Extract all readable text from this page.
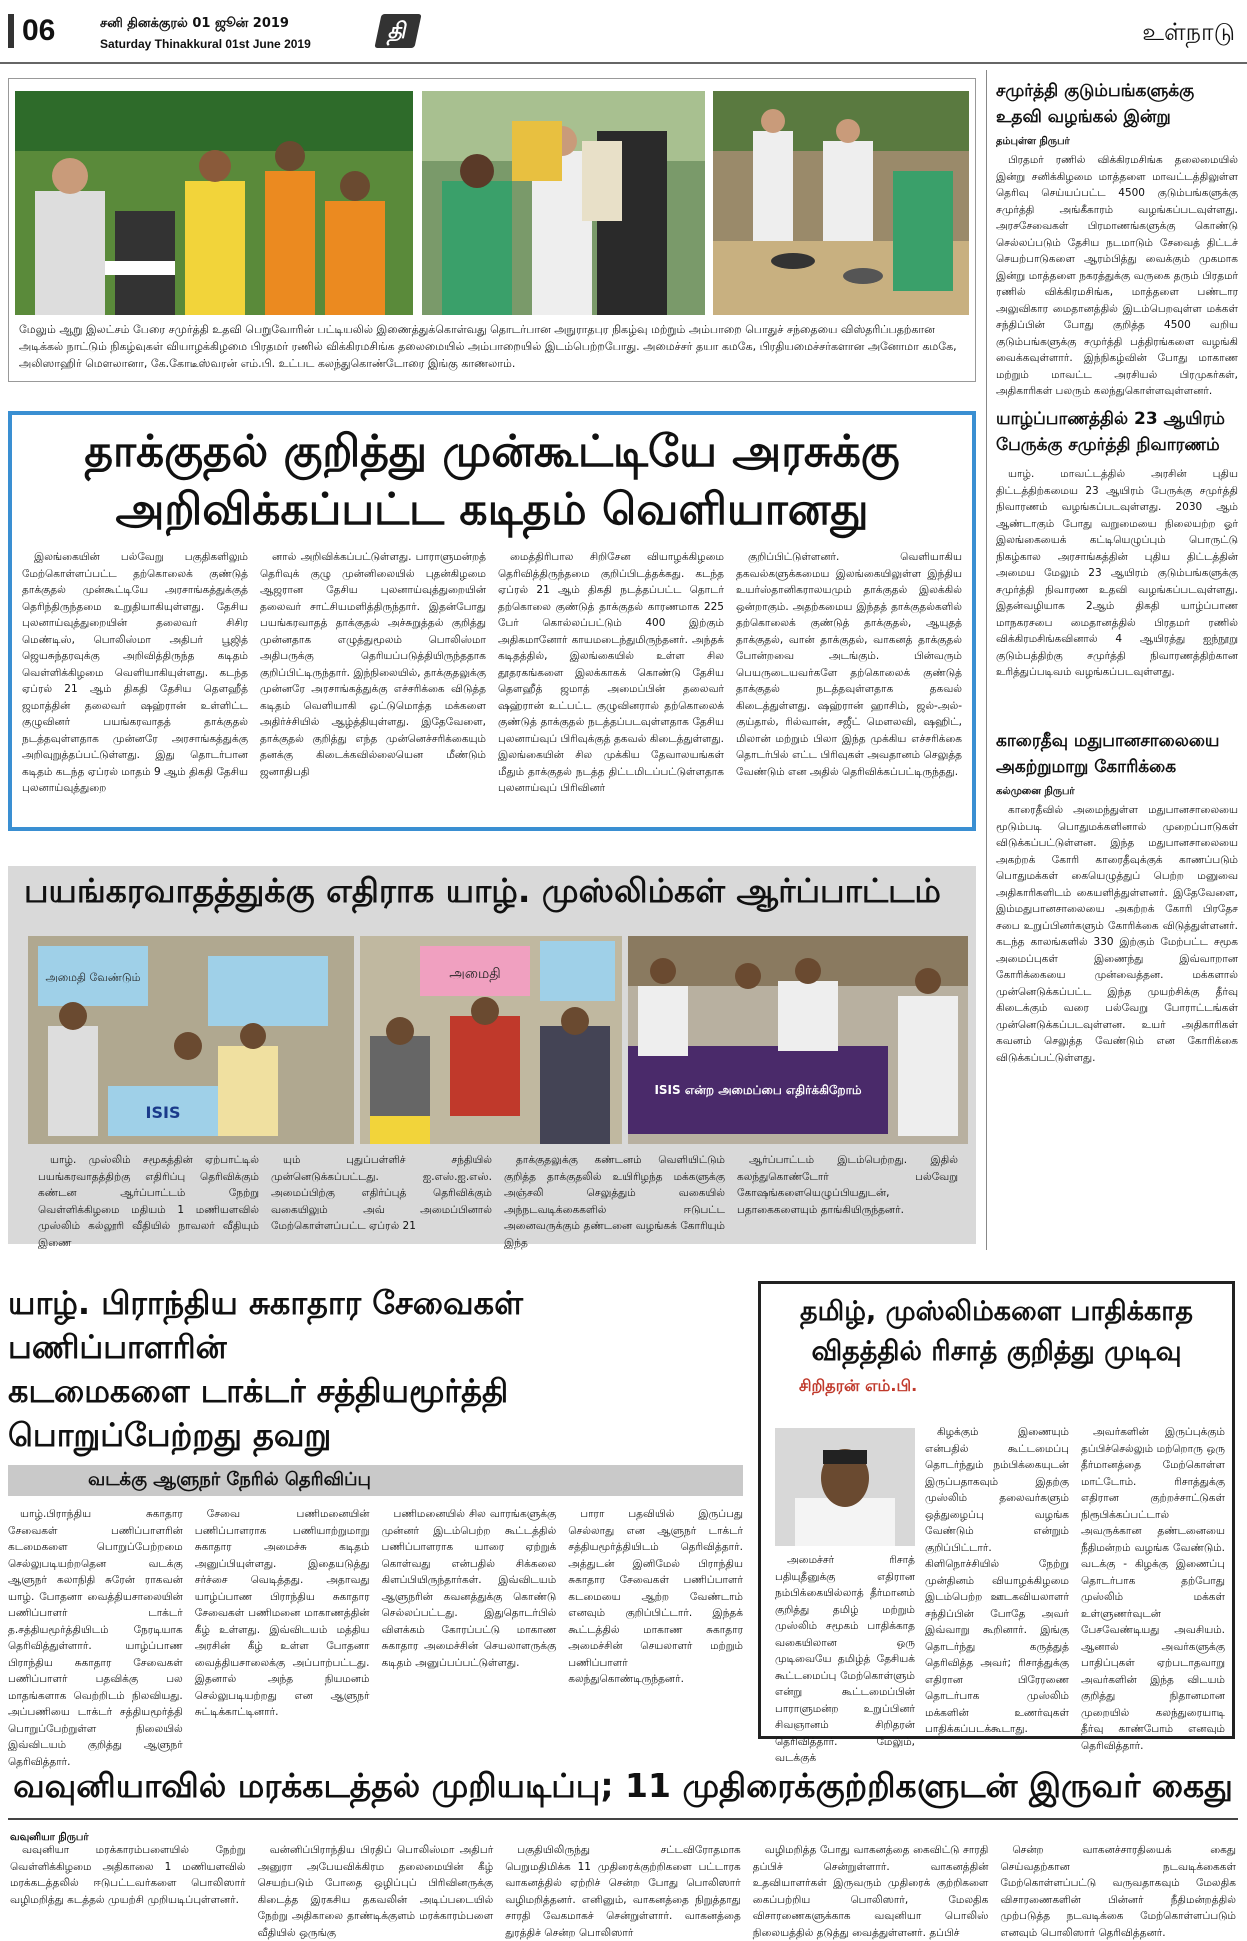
06	சனி தினக்குரல் 01 ஜூன் 2019
Saturday Thinakkural 01st June 2019	தி	உள்நாடு
மேலும் ஆறு இலட்சம் பேரை சமுர்த்தி உதவி பெறுவோரின் பட்டியலில் இணைத்துக்கொள்வது தொடர்பான அநுராதபுர நிகழ்வு மற்றும் அம்பாறை பொதுச் சந்தையை விஸ்தரிப்பதற்கான அடிக்கல் நாட்டும் நிகழ்வுகள் வியாழக்கிழமை பிரதமர் ரணில் விக்கிரமசிங்க தலைமையில் அம்பாறையில் இடம்பெற்றபோது. அமைச்சர் தயா கமகே, பிரதியமைச்சர்களான அனோமா கமகே, அலிஸாஹிர் மௌலானா, கே.கோடீஸ்வரன் எம்.பி. உட்பட கலந்துகொண்டோரை இங்கு காணலாம்.
தாக்குதல் குறித்து முன்கூட்டியே அரசுக்கு
அறிவிக்கப்பட்ட கடிதம் வெளியானது

இலங்கையின் பல்வேறு பகுதிகளிலும் மேற்கொள்ளப்பட்ட தற்கொலைக் குண்டுத் தாக்குதல் முன்கூட்டியே அரசாங்கத்துக்குத் தெரிந்திருந்தமை உறுதியாகியுள்ளது. தேசிய புலனாய்வுத்துறையின் தலைவர் சிசிர மெண்டிஸ், பொலிஸ்மா அதிபர் பூஜித் ஜெயசுந்தரவுக்கு அறிவித்திருந்த கடிதம் வெள்ளிக்கிழமை வெளியாகியுள்ளது. கடந்த ஏப்ரல் 21 ஆம் திகதி தேசிய தௌஹீத் ஜமாத்தின் தலைவர் ஷஹ்ரான் உள்ளிட்ட குழுவினர் பயங்கரவாதத் தாக்குதல் நடத்தவுள்ளதாக முன்னரே அரசாங்கத்துக்கு அறிவுறுத்தப்பட்டுள்ளது. இது தொடர்பான கடிதம் கடந்த ஏப்ரல் மாதம் 9 ஆம் திகதி தேசிய புலனாய்வுத்துறை

னால் அறிவிக்கப்பட்டுள்ளது. பாராளுமன்றத் தெரிவுக் குழு முன்னிலையில் புதன்கிழமை ஆஜரான தேசிய புலனாய்வுத்துறையின் தலைவர் சாட்சியமளித்திருந்தார். இதன்போது பயங்கரவாதத் தாக்குதல் அச்சுறுத்தல் குறித்து முன்னதாக எழுத்துமூலம் பொலிஸ்மா அதிபருக்கு தெரியப்படுத்தியிருந்ததாக குறிப்பிட்டிருந்தார். இந்நிலையில், தாக்குதலுக்கு முன்னரே அரசாங்கத்துக்கு எச்சரிக்கை விடுத்த கடிதம் வெளியாகி ஒட்டுமொத்த மக்களை அதிர்ச்சியில் ஆழ்த்தியுள்ளது. இதேவேளை, தாக்குதல் குறித்து எந்த முன்னெச்சரிக்கையும் தனக்கு கிடைக்கவில்லையென மீண்டும் ஜனாதிபதி

மைத்திரிபால சிறிசேன வியாழக்கிழமை தெரிவித்திருந்தமை குறிப்பிடத்தக்கது. கடந்த ஏப்ரல் 21 ஆம் திகதி நடத்தப்பட்ட தொடர் தற்கொலை குண்டுத் தாக்குதல் காரணமாக 225 பேர் கொல்லப்பட்டும் 400 இற்கும் அதிகமானோர் காயமடைந்துமிருந்தனர். அந்தக் கடிதத்தில், இலங்கையில் உள்ள சில தூதரகங்களை இலக்காகக் கொண்டு தேசிய தௌஹீத் ஜமாத் அமைப்பின் தலைவர் ஷஹ்ரான் உட்பட்ட குழுவினரால் தற்கொலைக் குண்டுத் தாக்குதல் நடத்தப்படவுள்ளதாக தேசிய புலனாய்வுப் பிரிவுக்குத் தகவல் கிடைத்துள்ளது. இலங்கையின் சில முக்கிய தேவாலயங்கள் மீதும் தாக்குதல் நடத்த திட்டமிடப்பட்டுள்ளதாக புலனாய்வுப் பிரிவினர்

குறிப்பிட்டுள்ளனர். வெளியாகிய தகவல்களுக்கமைய இலங்கையிலுள்ள இந்திய உயர்ஸ்தானிகராலயமும் தாக்குதல் இலக்கில் ஒன்றாகும். அதற்கமைய இந்தத் தாக்குதல்களில் தற்கொலைக் குண்டுத் தாக்குதல், ஆயுதத் தாக்குதல், வான் தாக்குதல், வாகனத் தாக்குதல் போன்றவை அடங்கும். பின்வரும் பெயருடையவர்களே தற்கொலைக் குண்டுத் தாக்குதல் நடத்தவுள்ளதாக தகவல் கிடைத்துள்ளது. ஷஹ்ரான் ஹாசிம், ஜல்-அல்-குய்தால், ரில்வான், சஜீட் மௌலவி, ஷஹிட், மிலான் மற்றும் பிலா இந்த முக்கிய எச்சரிக்கை தொடர்பில் எட்ட பிரிவுகள் அவதானம் செலுத்த வேண்டும் என அதில் தெரிவிக்கப்பட்டிருந்தது.

பயங்கரவாதத்துக்கு எதிராக யாழ். முஸ்லிம்கள் ஆர்ப்பாட்டம்
அமைதி வேண்டும்
ISIS
அமைதி
ISIS என்ற அமைப்பை எதிர்க்கிறோம்

யாழ். முஸ்லிம் சமூகத்தின் ஏற்பாட்டில் பயங்கரவாதத்திற்கு எதிரிப்பு தெரிவிக்கும் கண்டன ஆர்ப்பாட்டம் நேற்று வெள்ளிக்கிழமை மதியம் 1 மணியளவில் முஸ்லிம் கல்லூரி வீதியில் நாவலர் வீதியும் இணை

யும் புதுப்பள்ளிச் சந்தியில் முன்னெடுக்கப்பட்டது. ஐ.எஸ்.ஐ.எஸ். அமைப்பிற்கு எதிர்ப்புத் தெரிவிக்கும் வகையிலும் அவ் அமைப்பினால் மேற்கொள்ளப்பட்ட ஏப்ரல் 21

தாக்குதலுக்கு கண்டனம் வெளியிட்டும் குறித்த தாக்குதலில் உயிரிழந்த மக்களுக்கு அஞ்சலி செலுத்தும் வகையில் அந்நடவடிக்கைகளில் ஈடுபட்ட அனைவருக்கும் தண்டனை வழங்கக் கோரியும் இந்த

ஆர்ப்பாட்டம் இடம்பெற்றது. இதில் கலந்துகொண்டோர் பல்வேறு கோஷங்களையெழுப்பியதுடன், பதாகைகளையும் தாங்கியிருந்தனர்.

சமுர்த்தி குடும்பங்களுக்கு உதவி வழங்கல் இன்று
தம்புள்ள நிருபர்

பிரதமர் ரணில் விக்கிரமசிங்க தலைமையில் இன்று சனிக்கிழமை மாத்தளை மாவட்டத்திலுள்ள தெரிவு செய்யப்பட்ட 4500 குடும்பங்களுக்கு சமுர்த்தி அங்கீகாரம் வழங்கப்படவுள்ளது. அரசசேவைகள் பிரமாணங்களுக்கு கொண்டு செல்லப்படும் தேசிய நடமாடும் சேவைத் திட்டச் செயற்பாடுகளை ஆரம்பித்து வைக்கும் முகமாக இன்று மாத்தளை நகரத்துக்கு வருகை தரும் பிரதமர் ரணில் விக்கிரமசிங்க, மாத்தளை பண்டார அலுவிகார மைதானத்தில் இடம்பெறவுள்ள மக்கள் சந்திப்பின் போது குறித்த 4500 வறிய குடும்பங்களுக்கு சமுர்த்தி பத்திரங்களை வழங்கி வைக்கவுள்ளார். இந்நிகழ்வின் போது மாகாண மற்றும் மாவட்ட அரசியல் பிரமுகர்கள், அதிகாரிகள் பலரும் கலந்துகொள்ளவுள்ளனர்.

யாழ்ப்பாணத்தில் 23 ஆயிரம் பேருக்கு சமுர்த்தி நிவாரணம்

யாழ். மாவட்டத்தில் அரசின் புதிய திட்டத்திற்கமைய 23 ஆயிரம் பேருக்கு சமுர்த்தி நிவாரணம் வழங்கப்படவுள்ளது. 2030 ஆம் ஆண்டாகும் போது வறுமையை நிலையற்ற ஓர் இலங்கையைக் கட்டியெழுப்பும் பொருட்டு நிகழ்கால அரசாங்கத்தின் புதிய திட்டத்தின் அமைய மேலும் 23 ஆயிரம் குடும்பங்களுக்கு சமுர்த்தி நிவாரண உதவி வழங்கப்படவுள்ளது. இதன்வழியாக 2ஆம் திகதி யாழ்ப்பாண மாநகரசபை மைதானத்தில் பிரதமர் ரணில் விக்கிரமசிங்கவினால் 4 ஆயிரத்து ஐந்நூறு குடும்பத்திற்கு சமுர்த்தி நிவாரணத்திற்கான உரித்துப்படிவம் வழங்கப்படவுள்ளது.

காரைதீவு மதுபானசாலையை அகற்றுமாறு கோரிக்கை
கல்முனை நிருபர்

காரைதீவில் அமைந்துள்ள மதுபானசாலையை மூடும்படி பொதுமக்களினால் முறைப்பாடுகள் விடுக்கப்பட்டுள்ளன. இந்த மதுபானசாலையை அகற்றக் கோரி காரைதீவுக்குக் காணப்படும் பொதுமக்கள் கையெழுத்துப் பெற்ற மனுவை அதிகாரிகளிடம் கையளித்துள்ளனர். இதேவேளை, இம்மதுபானசாலையை அகற்றக் கோரி பிரதேச சபை உறுப்பினர்களும் கோரிக்கை விடுத்துள்ளனர். கடந்த காலங்களில் 330 இற்கும் மேற்பட்ட சமூக அமைப்புகள் இணைந்து இவ்வாறான கோரிக்கையை முன்வைத்தன. மக்களால் முன்னெடுக்கப்பட்ட இந்த முயற்சிக்கு தீர்வு கிடைக்கும் வரை பல்வேறு போராட்டங்கள் முன்னெடுக்கப்படவுள்ளன. உயர் அதிகாரிகள் கவனம் செலுத்த வேண்டும் என கோரிக்கை விடுக்கப்பட்டுள்ளது.

யாழ். பிராந்திய சுகாதார சேவைகள் பணிப்பாளரின்
கடமைகளை டாக்டர் சத்தியமூர்த்தி பொறுப்பேற்றது தவறு
வடக்கு ஆளுநர் நேரில் தெரிவிப்பு

யாழ்.பிராந்திய சுகாதார சேவைகள் பணிப்பாளரின் கடமைகளை பொறுப்பேற்றமை செல்லுபடியற்றதென வடக்கு ஆளுநர் கலாநிதி சுரேன் ராகவன் யாழ். போதனா வைத்தியசாலையின் பணிப்பாளர் டாக்டர் த.சத்தியமூர்த்தியிடம் நேரடியாக தெரிவித்துள்ளார். யாழ்ப்பாண பிராந்திய சுகாதார சேவைகள் பணிப்பாளர் பதவிக்கு பல மாதங்களாக வெற்றிடம் நிலவியது. அப்பணியை டாக்டர் சத்தியமூர்த்தி பொறுப்பேற்றுள்ள நிலையில் இவ்விடயம் குறித்து ஆளுநர் தெரிவித்தார்.

சேவை பணிமனையின் பணிப்பாளராக பணியாற்றுமாறு சுகாதார அமைச்சு கடிதம் அனுப்பியுள்ளது. இதையடுத்து சர்ச்சை வெடித்தது. அதாவது யாழ்ப்பாண பிராந்திய சுகாதார சேவைகள் பணிமனை மாகாணத்தின் கீழ் உள்ளது. இவ்விடயம் மத்திய அரசின் கீழ் உள்ள போதனா வைத்தியசாலைக்கு அப்பாற்பட்டது. இதனால் அந்த நியமனம் செல்லுபடியற்றது என ஆளுநர் சுட்டிக்காட்டினார்.

பணிமனையில் சில வாரங்களுக்கு முன்னர் இடம்பெற்ற கூட்டத்தில் பணிப்பாளராக யாரை ஏற்றுக் கொள்வது என்பதில் சிக்கலை கிளப்பியிருந்தார்கள். இவ்விடயம் ஆளுநரின் கவனத்துக்கு கொண்டு செல்லப்பட்டது. இதுதொடர்பில் விளக்கம் கோரப்பட்டு மாகாண சுகாதார அமைச்சின் செயலாளருக்கு கடிதம் அனுப்பப்பட்டுள்ளது.

பாரா பதவியில் இருப்பது செல்லாது என ஆளுநர் டாக்டர் சத்தியமூர்த்தியிடம் தெரிவித்தார். அத்துடன் இனிமேல் பிராந்திய சுகாதார சேவைகள் பணிப்பாளர் கடமையை ஆற்ற வேண்டாம் எனவும் குறிப்பிட்டார். இந்தக் கூட்டத்தில் மாகாண சுகாதார அமைச்சின் செயலாளர் மற்றும் பணிப்பாளர் கலந்துகொண்டிருந்தனர்.

தமிழ், முஸ்லிம்களை பாதிக்காத
விதத்தில் ரிசாத் குறித்து முடிவு
சிறிதரன் எம்.பி.

அமைச்சர் ரிசாத் பதியுதீனுக்கு எதிரான நம்பிக்கையில்லாத் தீர்மானம் குறித்து தமிழ் மற்றும் முஸ்லிம் சமூகம் பாதிக்காத வகையிலான ஒரு முடிவையே தமிழ்த் தேசியக் கூட்டமைப்பு மேற்கொள்ளும் என்று கூட்டமைப்பின் பாராளுமன்ற உறுப்பினர் சிவஞானம் சிறிதரன் தெரிவித்தார். மேலும், வடக்குக்

கிழக்கும் இணையும் என்பதில் கூட்டமைப்பு தொடர்ந்தும் நம்பிக்கையுடன் இருப்பதாகவும் இதற்கு முஸ்லிம் தலைவர்களும் ஒத்துழைப்பு வழங்க வேண்டும் என்றும் குறிப்பிட்டார். கிளிநொச்சியில் நேற்று முன்தினம் வியாழக்கிழமை இடம்பெற்ற ஊடகவியலாளர் சந்திப்பின் போதே அவர் இவ்வாறு கூறினார். இங்கு தொடர்ந்து கருத்துத் தெரிவித்த அவர்; ரிசாத்துக்கு எதிரான பிரேரணை தொடர்பாக முஸ்லிம் மக்களின் உணர்வுகள் பாதிக்கப்படக்கூடாது.

அவர்களின் இருப்புக்கும் தப்பிச்செல்லும் மற்றொரு ஒரு தீர்மானத்தை மேற்கொள்ள மாட்டோம். ரிசாத்துக்கு எதிரான குற்றச்சாட்டுகள் நிரூபிக்கப்பட்டால் அவருக்கான தண்டனையை நீதிமன்றம் வழங்க வேண்டும். வடக்கு - கிழக்கு இணைப்பு தொடர்பாக தற்போது முஸ்லிம் மக்கள் உள்ளுணர்வுடன் பேசவேண்டியது அவசியம். ஆனால் அவர்களுக்கு பாதிப்புகள் ஏற்படாதவாறு அவர்களின் இந்த விடயம் குறித்து நிதானமான முறையில் கலந்துரையாடி தீர்வு காண்போம் எனவும் தெரிவித்தார்.

வவுனியாவில் மரக்கடத்தல் முறியடிப்பு; 11 முதிரைக்குற்றிகளுடன் இருவர் கைது
வவுனியா நிருபர்

வவுனியா மரக்காரம்பளையில் நேற்று வெள்ளிக்கிழமை அதிகாலை 1 மணியளவில் மரக்கடத்தலில் ஈடுபட்டவர்களை பொலிஸார் வழிமறித்து கடத்தல் முயற்சி முறியடிப்புள்ளனர்.

வன்னிப்பிராந்திய பிரதிப் பொலிஸ்மா அதிபர் அனுரா அபேயவிக்கிரம தலைமையின் கீழ் செயற்படும் போதை ஒழிப்புப் பிரிவினருக்கு கிடைத்த இரகசிய தகவலின் அடிப்படையில் நேற்று அதிகாலை தாண்டிக்குளம் மரக்காரம்பளை வீதியில் ஒருங்கு

பகுதியிலிருந்து சட்டவிரோதமாக பெறுமதிமிக்க 11 முதிரைக்குற்றிகளை பட்டாரக வாகனத்தில் ஏற்றிச் சென்ற போது பொலிஸார் வழிமறித்தனர். எனினும், வாகனத்தை நிறுத்தாது சாரதி வேகமாகச் சென்றுள்ளார். வாகனத்தை துரத்திச் சென்ற பொலிஸார்

வழிமறித்த போது வாகனத்தை கைவிட்டு சாரதி தப்பிச் சென்றுள்ளார். வாகனத்தின் உதவியாளர்கள் இருவரும் முதிரைக் குற்றிகளை கைப்பற்றிய பொலிஸார், மேலதிக விசாரணைகளுக்காக வவுனியா பொலிஸ் நிலையத்தில் தடுத்து வைத்துள்ளனர். தப்பிச்

சென்ற வாகனச்சாரதியைக் கைது செய்வதற்கான நடவடிக்கைகள் மேற்கொள்ளப்பட்டு வருவதாகவும் மேலதிக விசாரணைகளின் பின்னர் நீதிமன்றத்தில் முற்படுத்த நடவடிக்கை மேற்கொள்ளப்படும் எனவும் பொலிஸார் தெரிவித்தனர்.
